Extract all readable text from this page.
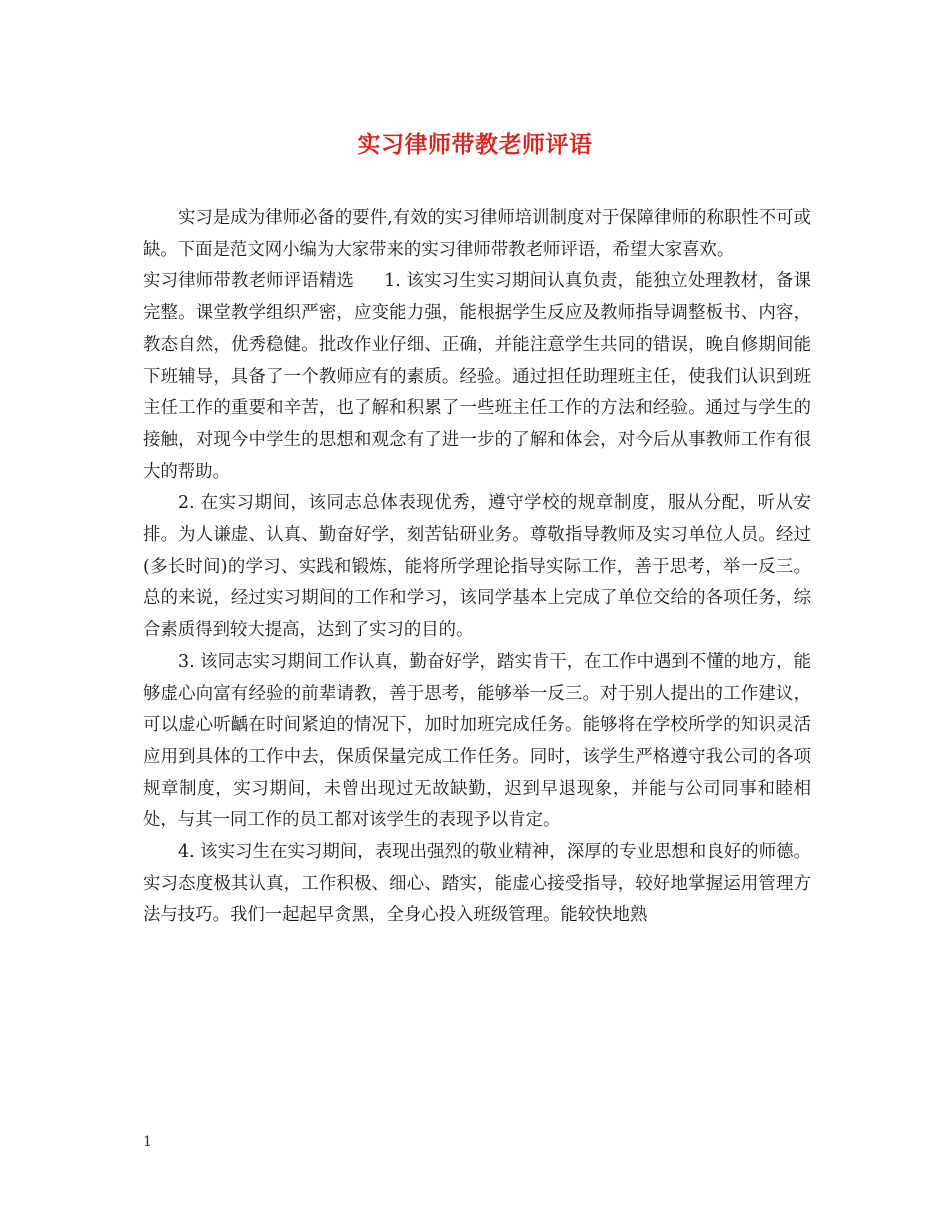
实习律师带教老师评语

实习是成为律师必备的要件,有效的实习律师培训制度对于保障律师的称职性不可或缺。下面是范文网小编为大家带来的实习律师带教老师评语，希望大家喜欢。

实习律师带教老师评语精选 1. 该实习生实习期间认真负责，能独立处理教材，备课完整。课堂教学组织严密，应变能力强，能根据学生反应及教师指导调整板书、内容，教态自然，优秀稳健。批改作业仔细、正确，并能注意学生共同的错误，晚自修期间能下班辅导，具备了一个教师应有的素质。经验。通过担任助理班主任，使我们认识到班主任工作的重要和辛苦，也了解和积累了一些班主任工作的方法和经验。通过与学生的接触，对现今中学生的思想和观念有了进一步的了解和体会，对今后从事教师工作有很大的帮助。

2. 在实习期间，该同志总体表现优秀，遵守学校的规章制度，服从分配，听从安排。为人谦虚、认真、勤奋好学，刻苦钻研业务。尊敬指导教师及实习单位人员。经过(多长时间)的学习、实践和锻炼，能将所学理论指导实际工作，善于思考，举一反三。总的来说，经过实习期间的工作和学习，该同学基本上完成了单位交给的各项任务，综合素质得到较大提高，达到了实习的目的。

3. 该同志实习期间工作认真，勤奋好学，踏实肯干，在工作中遇到不懂的地方，能够虚心向富有经验的前辈请教，善于思考，能够举一反三。对于别人提出的工作建议，可以虚心听齲在时间紧迫的情况下，加时加班完成任务。能够将在学校所学的知识灵活应用到具体的工作中去，保质保量完成工作任务。同时，该学生严格遵守我公司的各项规章制度，实习期间，未曾出现过无故缺勤，迟到早退现象，并能与公司同事和睦相处，与其一同工作的员工都对该学生的表现予以肯定。

4. 该实习生在实习期间，表现出强烈的敬业精神，深厚的专业思想和良好的师德。实习态度极其认真，工作积极、细心、踏实，能虚心接受指导，较好地掌握运用管理方法与技巧。我们一起起早贪黑，全身心投入班级管理。能较快地熟

1
